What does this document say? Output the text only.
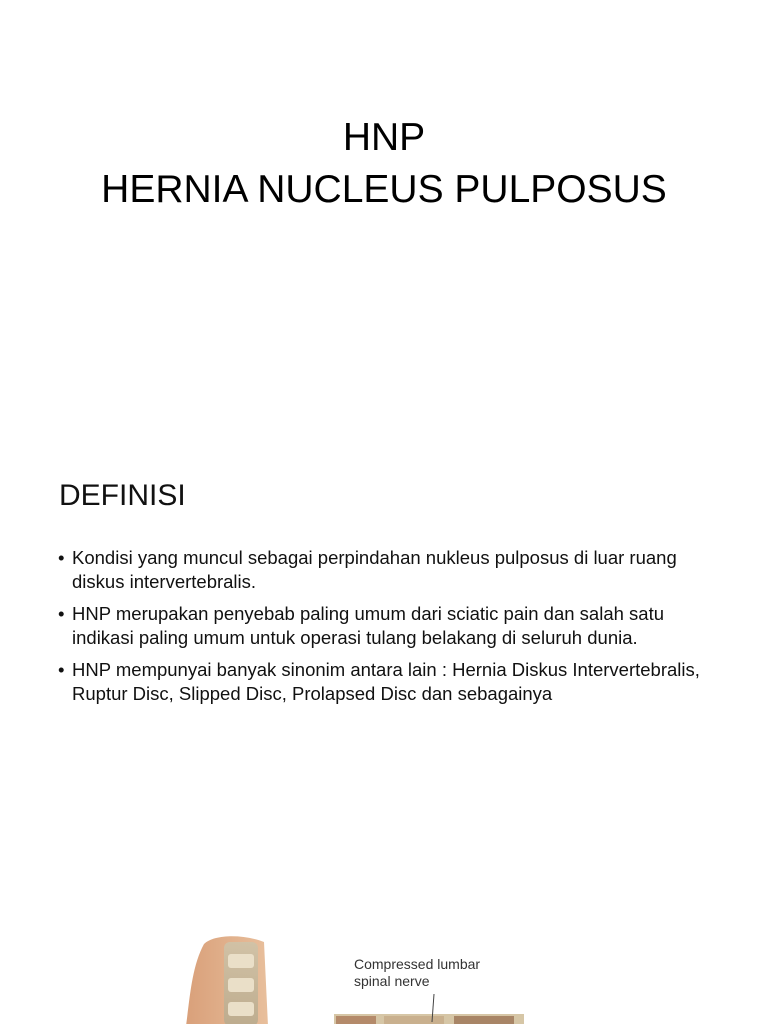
HNP
HERNIA NUCLEUS PULPOSUS
DEFINISI
• Kondisi yang muncul sebagai perpindahan nukleus pulposus di luar ruang diskus intervertebralis.
• HNP merupakan penyebab paling umum dari sciatic pain dan salah satu indikasi paling umum untuk operasi tulang belakang di seluruh dunia.
• HNP mempunyai banyak sinonim antara lain : Hernia Diskus Intervertebralis, Ruptur Disc, Slipped Disc, Prolapsed Disc dan sebagainya
Compressed lumbar
spinal nerve
